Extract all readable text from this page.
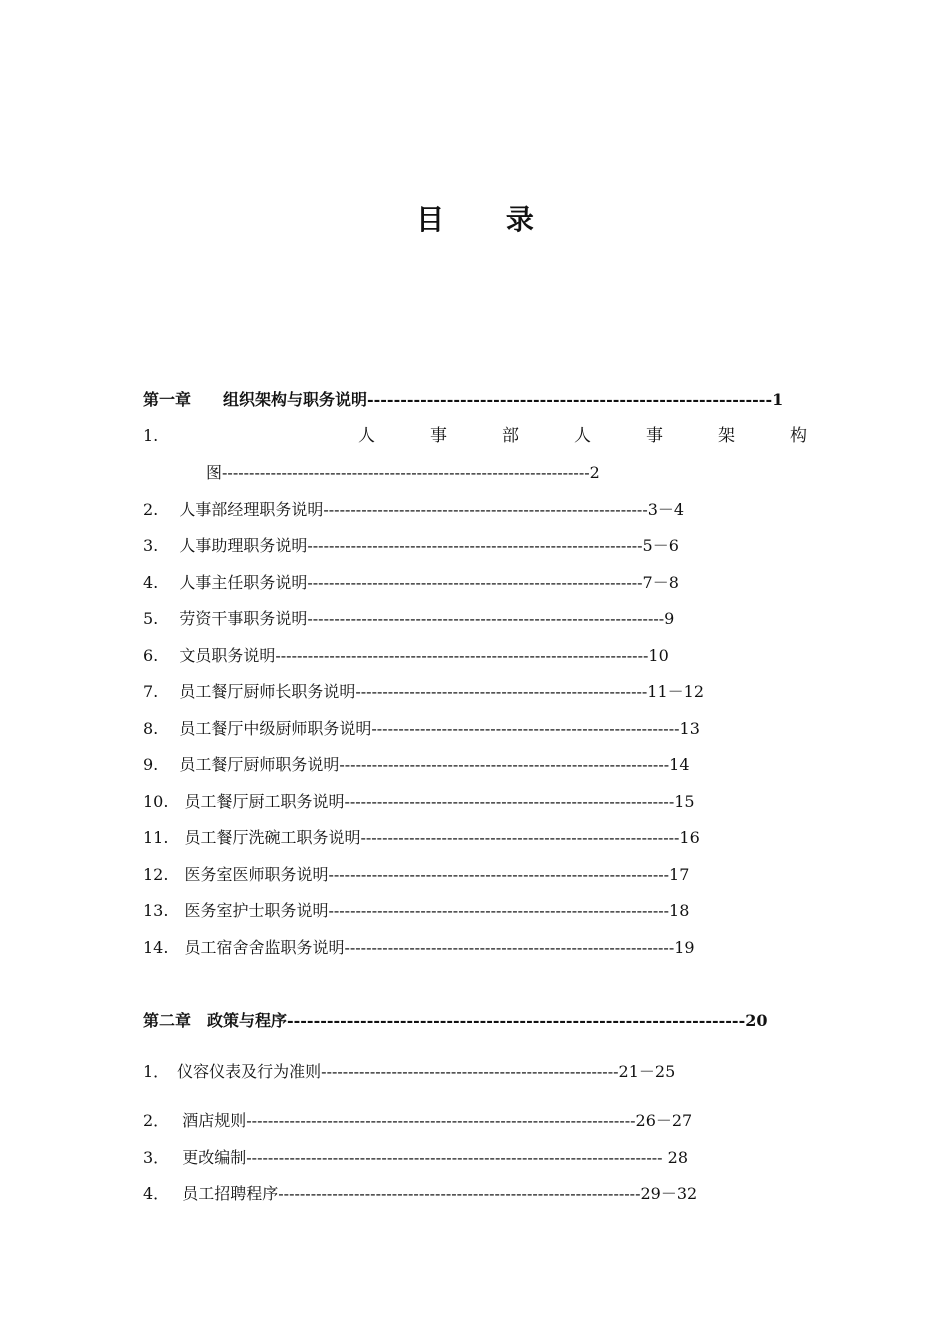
目 录
第一章　　组织架构与职务说明-------------------------------------------------------------1
1.	人	事	部	人	事	架	构
图--------------------------------------------------------------------2
2.　 人事部经理职务说明------------------------------------------------------------3－4
3.　 人事助理职务说明--------------------------------------------------------------5－6
4.　 人事主任职务说明--------------------------------------------------------------7－8
5.　 劳资干事职务说明------------------------------------------------------------------9
6.　 文员职务说明---------------------------------------------------------------------10
7.　 员工餐厅厨师长职务说明------------------------------------------------------11－12
8.　 员工餐厅中级厨师职务说明---------------------------------------------------------13
9.　 员工餐厅厨师职务说明-------------------------------------------------------------14
10.　员工餐厅厨工职务说明-------------------------------------------------------------15
11.　员工餐厅洗碗工职务说明-----------------------------------------------------------16
12.　医务室医师职务说明---------------------------------------------------------------17
13.　医务室护士职务说明---------------------------------------------------------------18
14.　员工宿舍舍监职务说明-------------------------------------------------------------19
第二章　政策与程序---------------------------------------------------------------------20
1．　仪容仪表及行为准则-------------------------------------------------------21－25
2．　 酒店规则------------------------------------------------------------------------26－27
3．　 更改编制----------------------------------------------------------------------------- 28
4．　 员工招聘程序-------------------------------------------------------------------29－32
